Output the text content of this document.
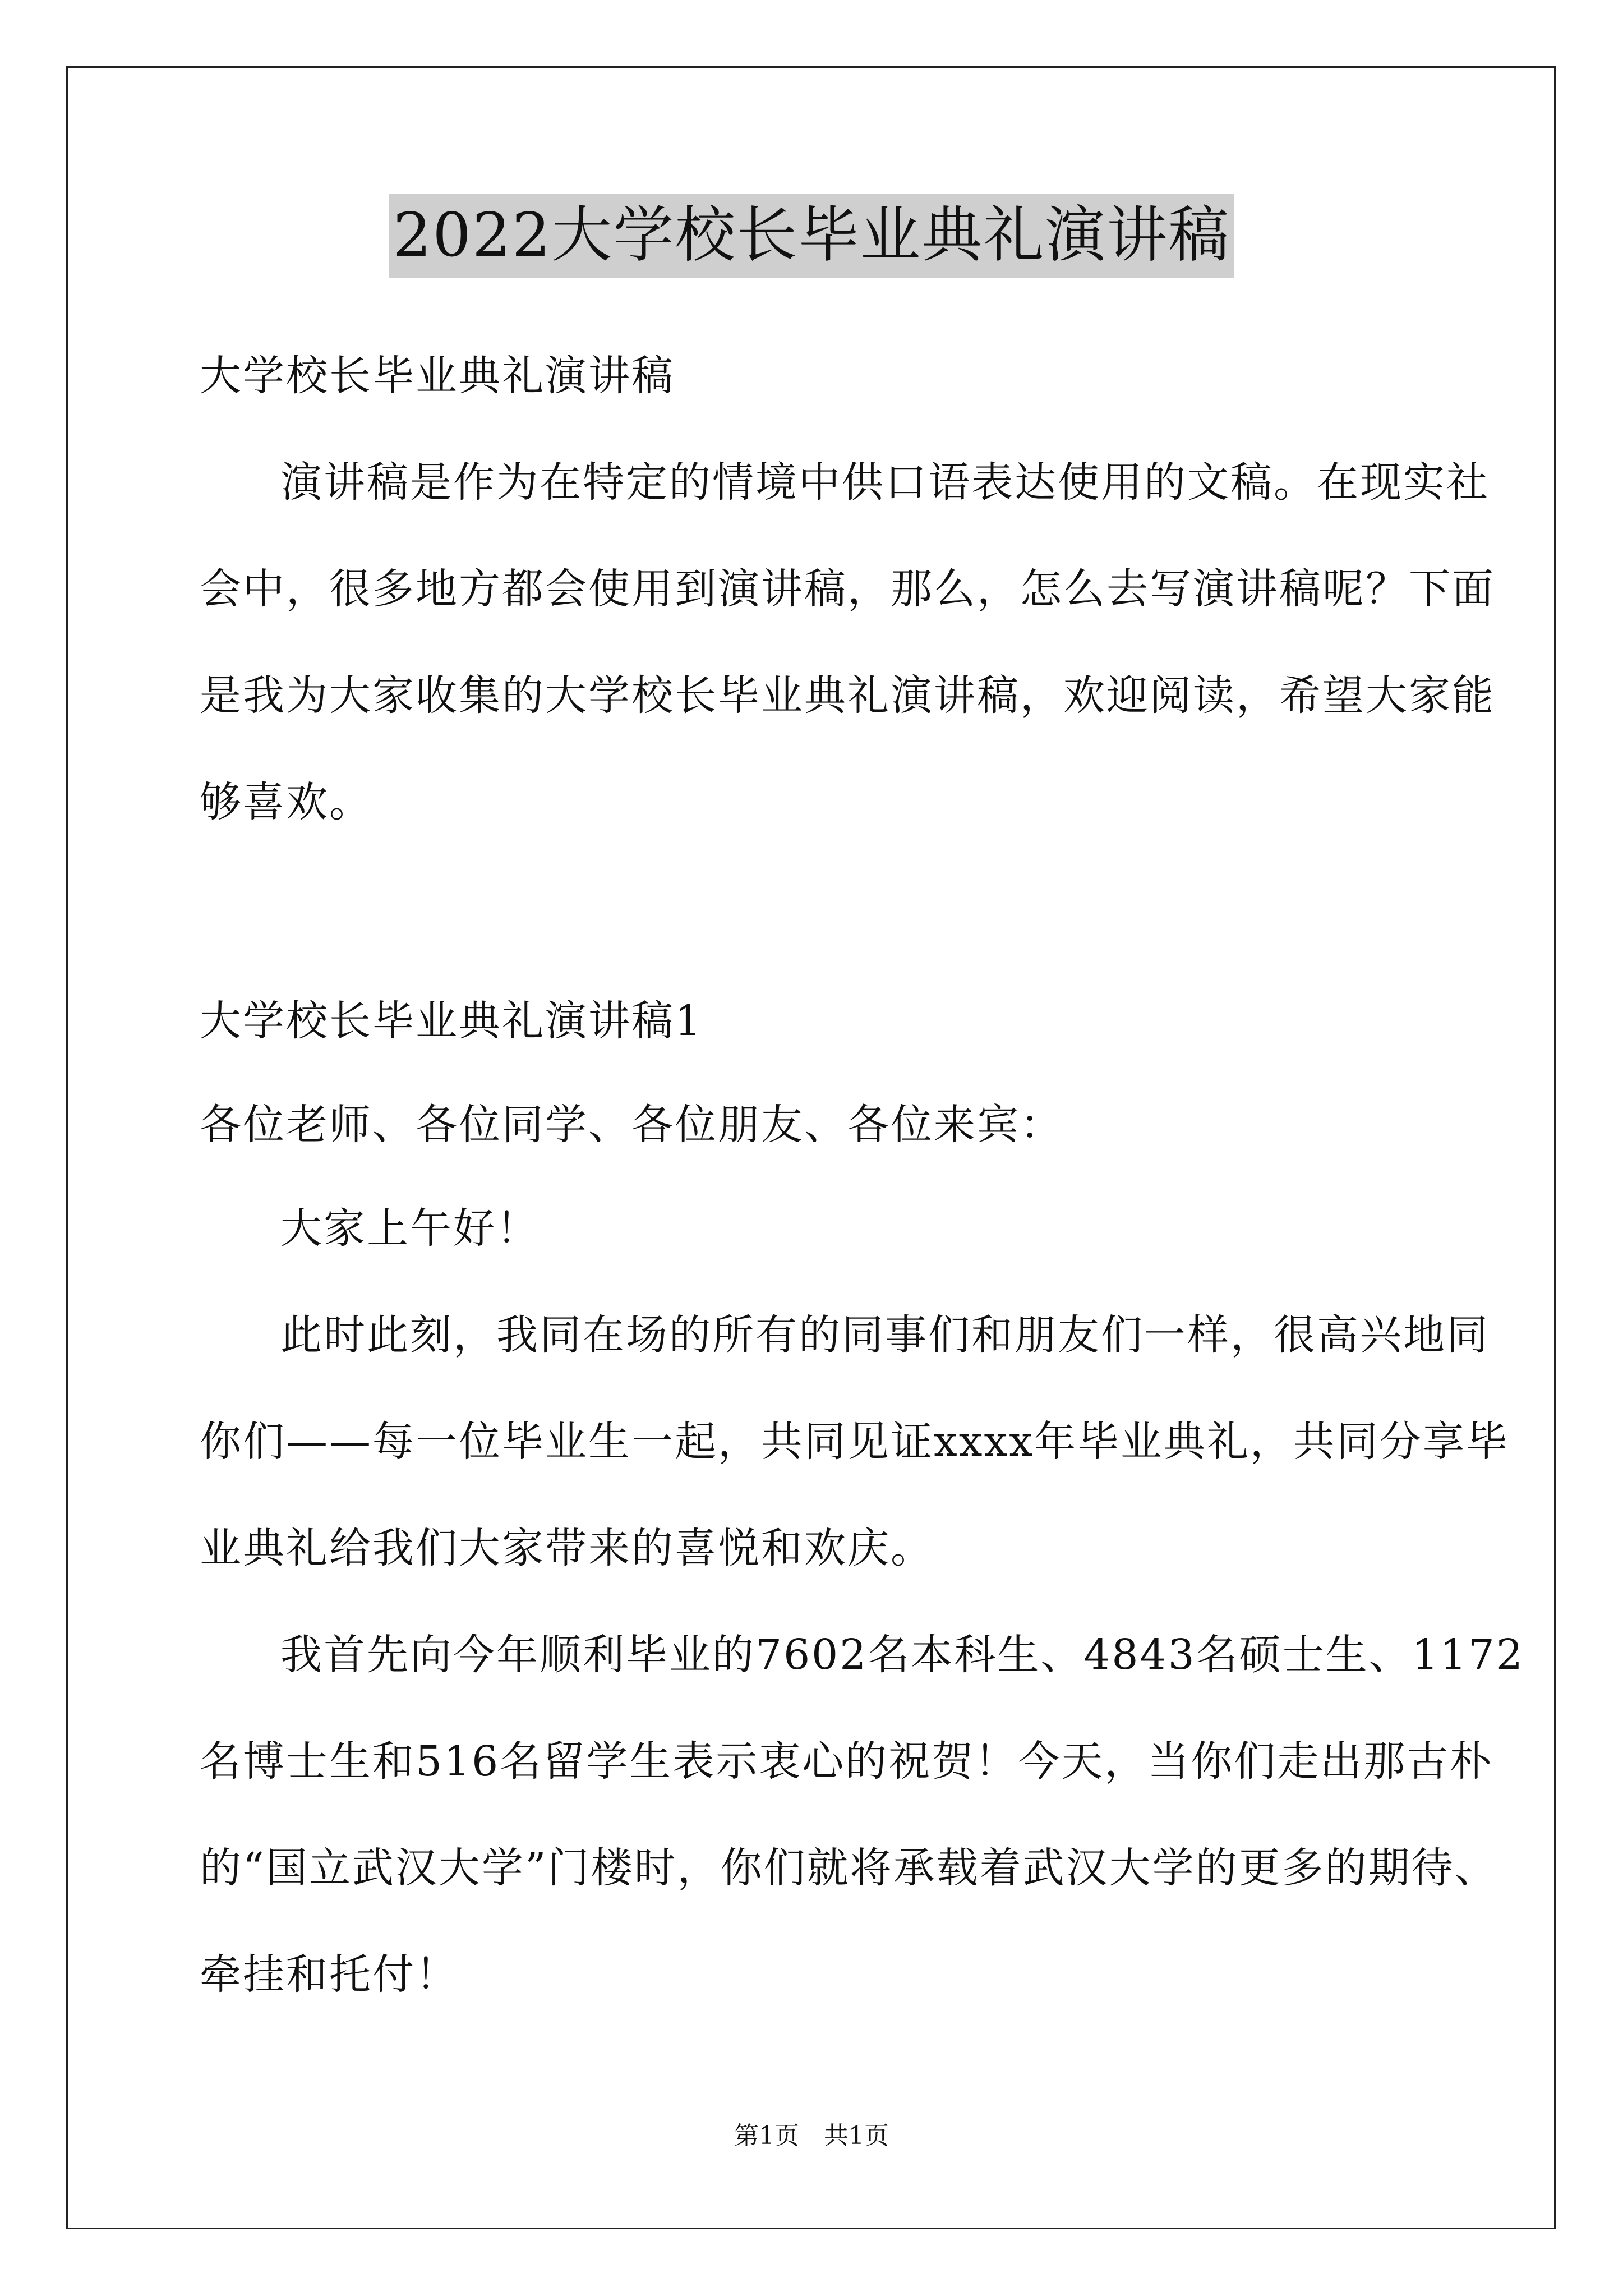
2022大学校长毕业典礼演讲稿
大学校长毕业典礼演讲稿
演讲稿是作为在特定的情境中供口语表达使用的文稿。在现实社
会中，很多地方都会使用到演讲稿，那么，怎么去写演讲稿呢？下面
是我为大家收集的大学校长毕业典礼演讲稿，欢迎阅读，希望大家能
够喜欢。
大学校长毕业典礼演讲稿1
各位老师、各位同学、各位朋友、各位来宾：
大家上午好！
此时此刻，我同在场的所有的同事们和朋友们一样，很高兴地同
你们——每一位毕业生一起，共同见证xxxx年毕业典礼，共同分享毕
业典礼给我们大家带来的喜悦和欢庆。
我首先向今年顺利毕业的7602名本科生、4843名硕士生、1172
名博士生和516名留学生表示衷心的祝贺！今天，当你们走出那古朴
的“国立武汉大学”门楼时，你们就将承载着武汉大学的更多的期待、
牵挂和托付！
第1页　共1页
